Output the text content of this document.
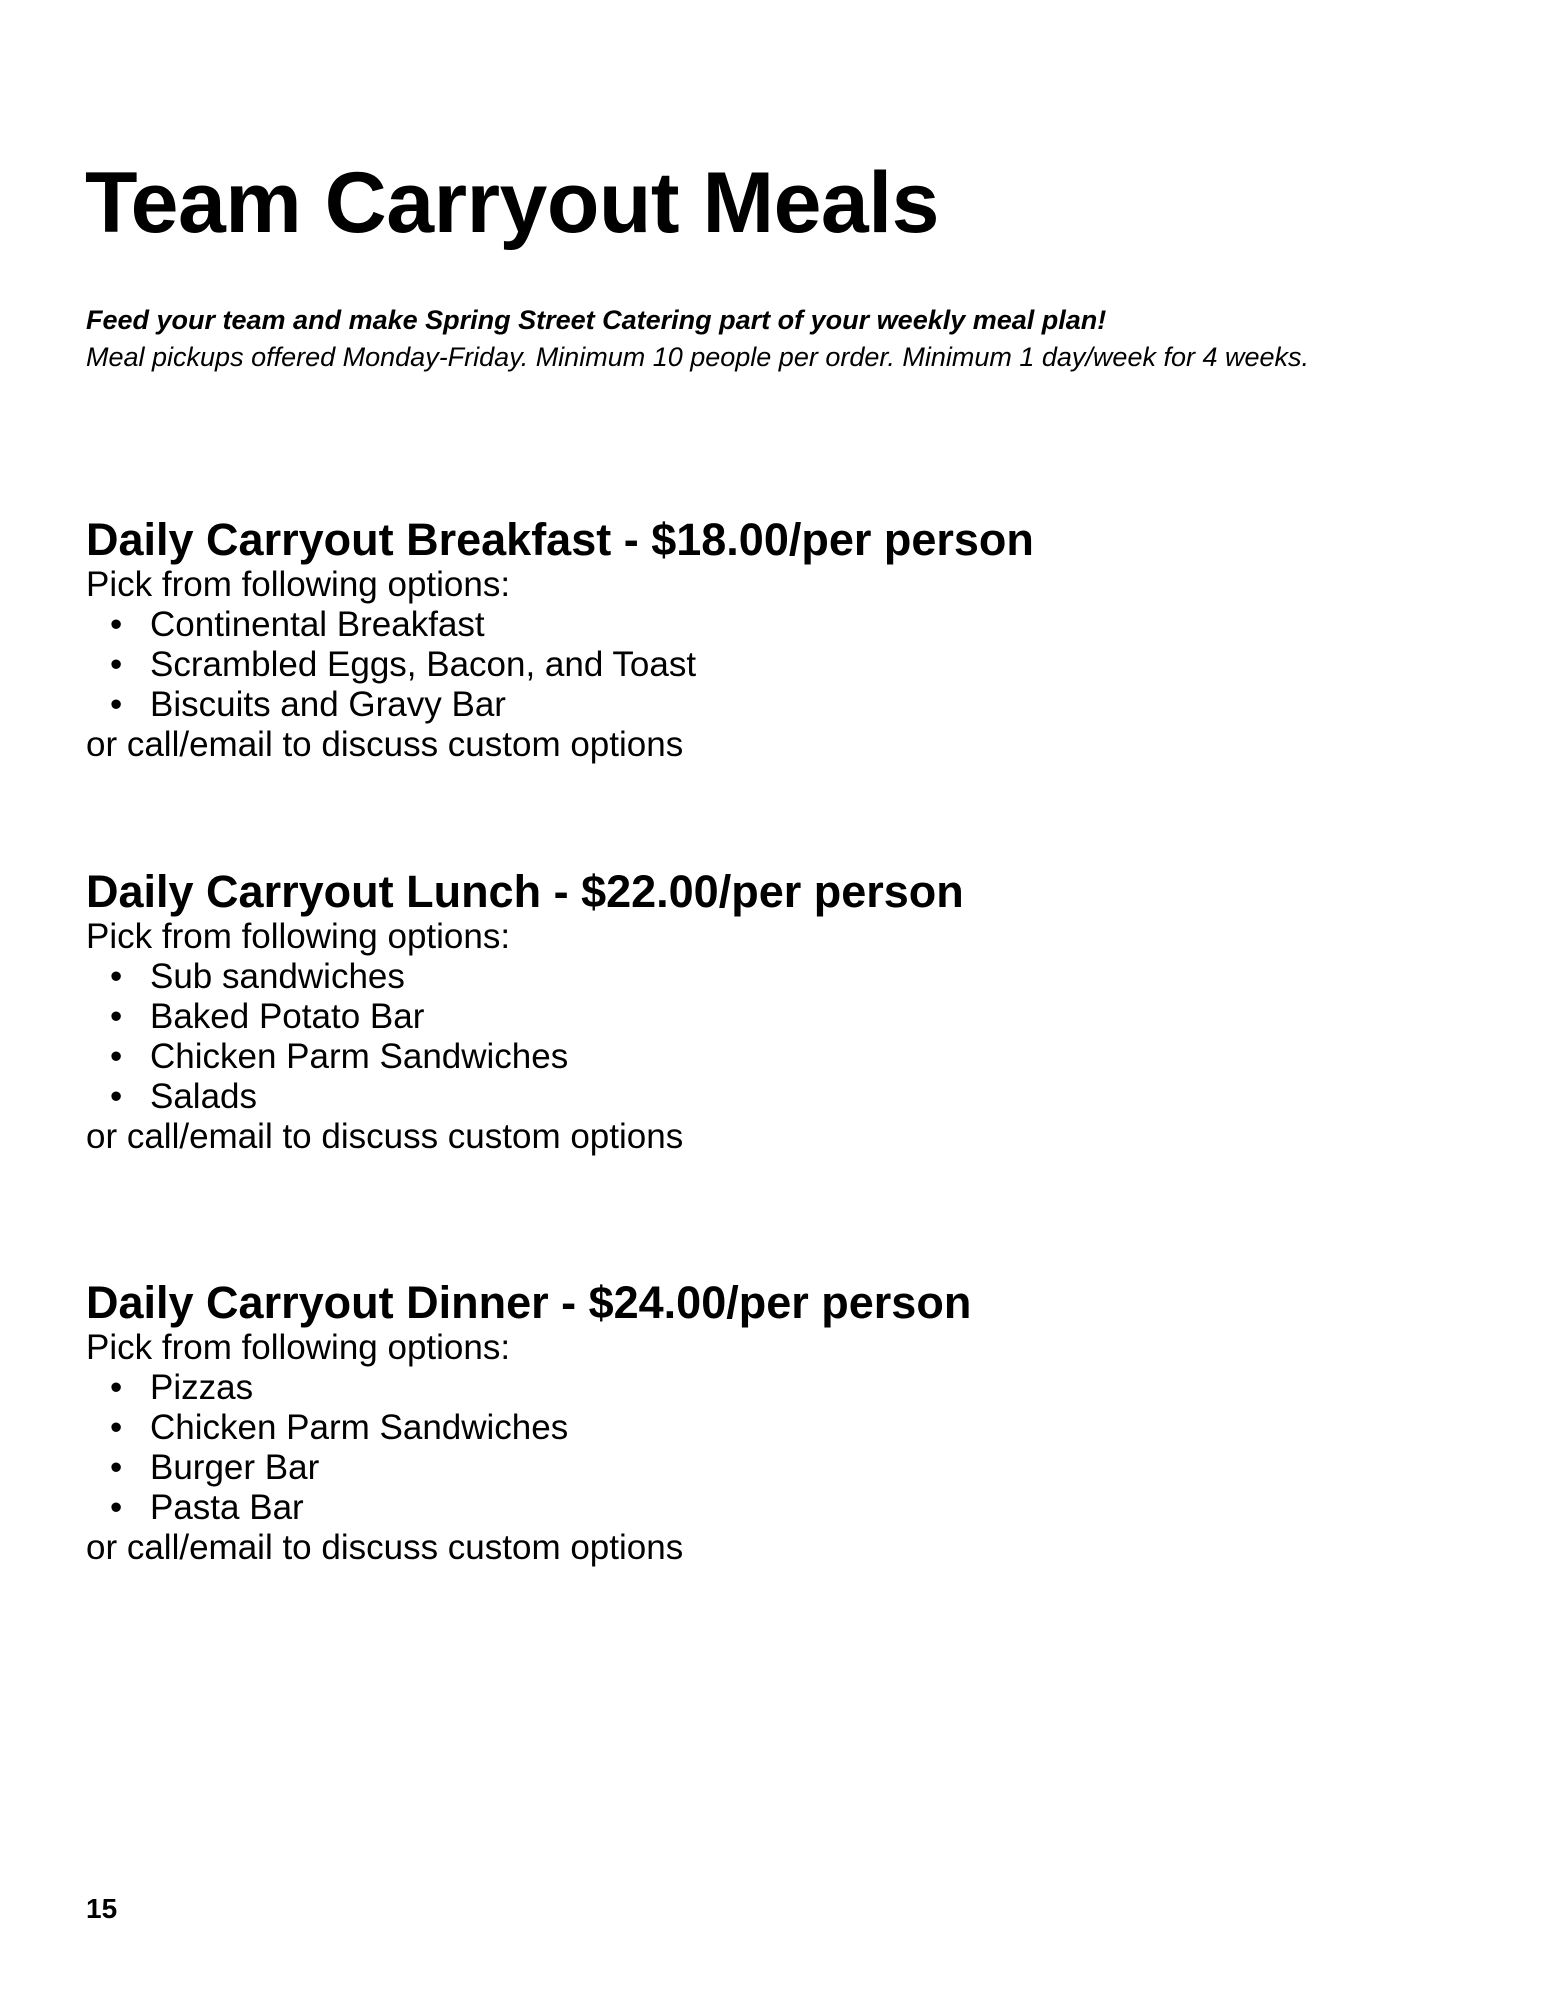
Team Carryout Meals
Feed your team and make Spring Street Catering part of your weekly meal plan!
Meal pickups offered Monday-Friday. Minimum 10 people per order. Minimum 1 day/week for 4 weeks.
Daily Carryout Breakfast - $18.00/per person
Pick from following options:
• Continental Breakfast
• Scrambled Eggs, Bacon, and Toast
• Biscuits and Gravy Bar
or call/email to discuss custom options
Daily Carryout Lunch - $22.00/per person
Pick from following options:
• Sub sandwiches
• Baked Potato Bar
• Chicken Parm Sandwiches
• Salads
or call/email to discuss custom options
Daily Carryout Dinner - $24.00/per person
Pick from following options:
• Pizzas
• Chicken Parm Sandwiches
• Burger Bar
• Pasta Bar
or call/email to discuss custom options
15
